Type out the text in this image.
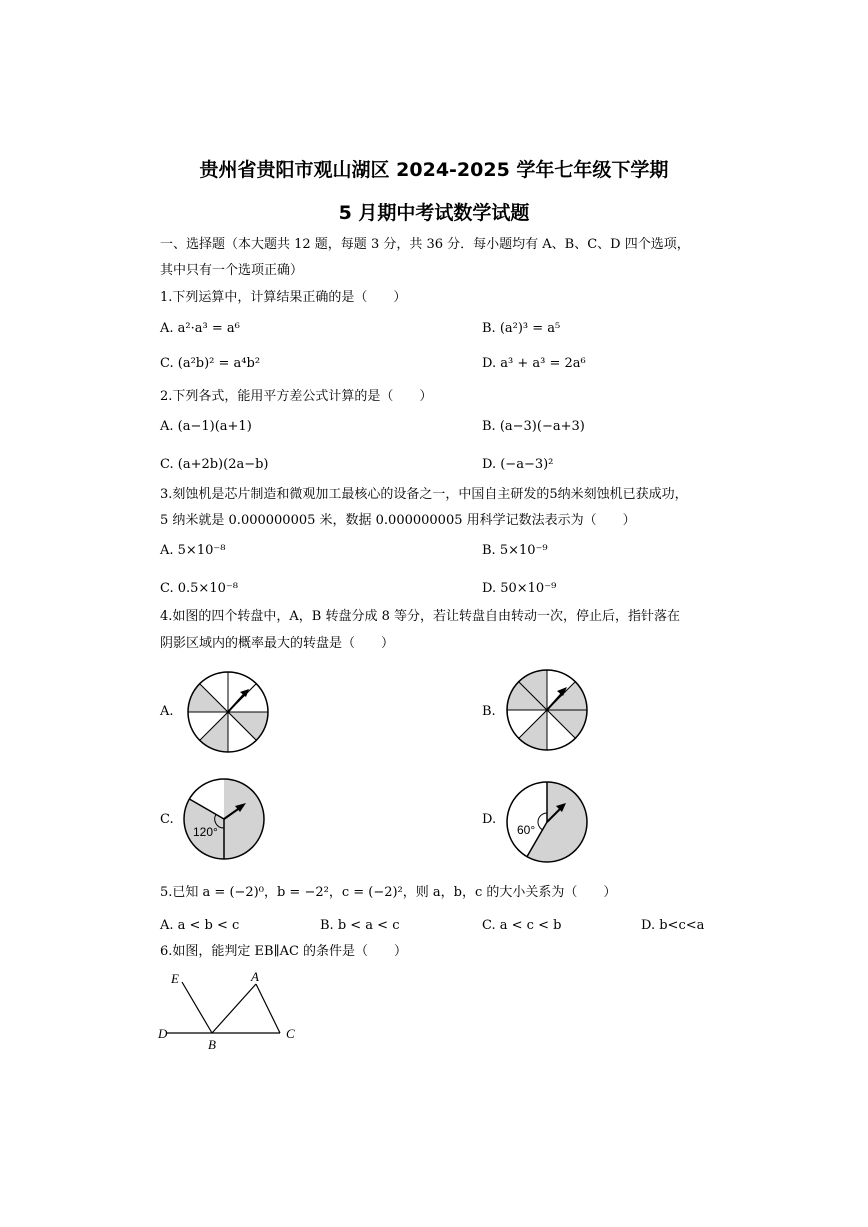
贵州省贵阳市观山湖区 2024-2025 学年七年级下学期
5 月期中考试数学试题
一、选择题（本大题共 12 题，每题 3 分，共 36 分．每小题均有 A、B、C、D 四个选项，
其中只有一个选项正确）
1.下列运算中，计算结果正确的是（　　）
A. a²·a³ = a⁶	B. (a²)³ = a⁵
C. (a²b)² = a⁴b²	D. a³ + a³ = 2a⁶
2.下列各式，能用平方差公式计算的是（　　）
A. (a−1)(a+1)	B. (a−3)(−a+3)
C. (a+2b)(2a−b)	D. (−a−3)²
3.刻蚀机是芯片制造和微观加工最核心的设备之一，中国自主研发的5纳米刻蚀机已获成功，
5 纳米就是 0.000000005 米，数据 0.000000005 用科学记数法表示为（　　）
A. 5×10⁻⁸	B. 5×10⁻⁹
C. 0.5×10⁻⁸	D. 50×10⁻⁹
4.如图的四个转盘中，A，B 转盘分成 8 等分，若让转盘自由转动一次，停止后，指针落在
阴影区域内的概率最大的转盘是（　　）
A.	B.
C.
120°
D.
60°
5.已知 a = (−2)⁰，b = −2²，c = (−2)²，则 a，b，c 的大小关系为（　　）
A. a < b < c	B. b < a < c	C. a < c < b	D. b<c<a
6.如图，能判定 EB∥AC 的条件是（　　）
E	A
D
B
C
